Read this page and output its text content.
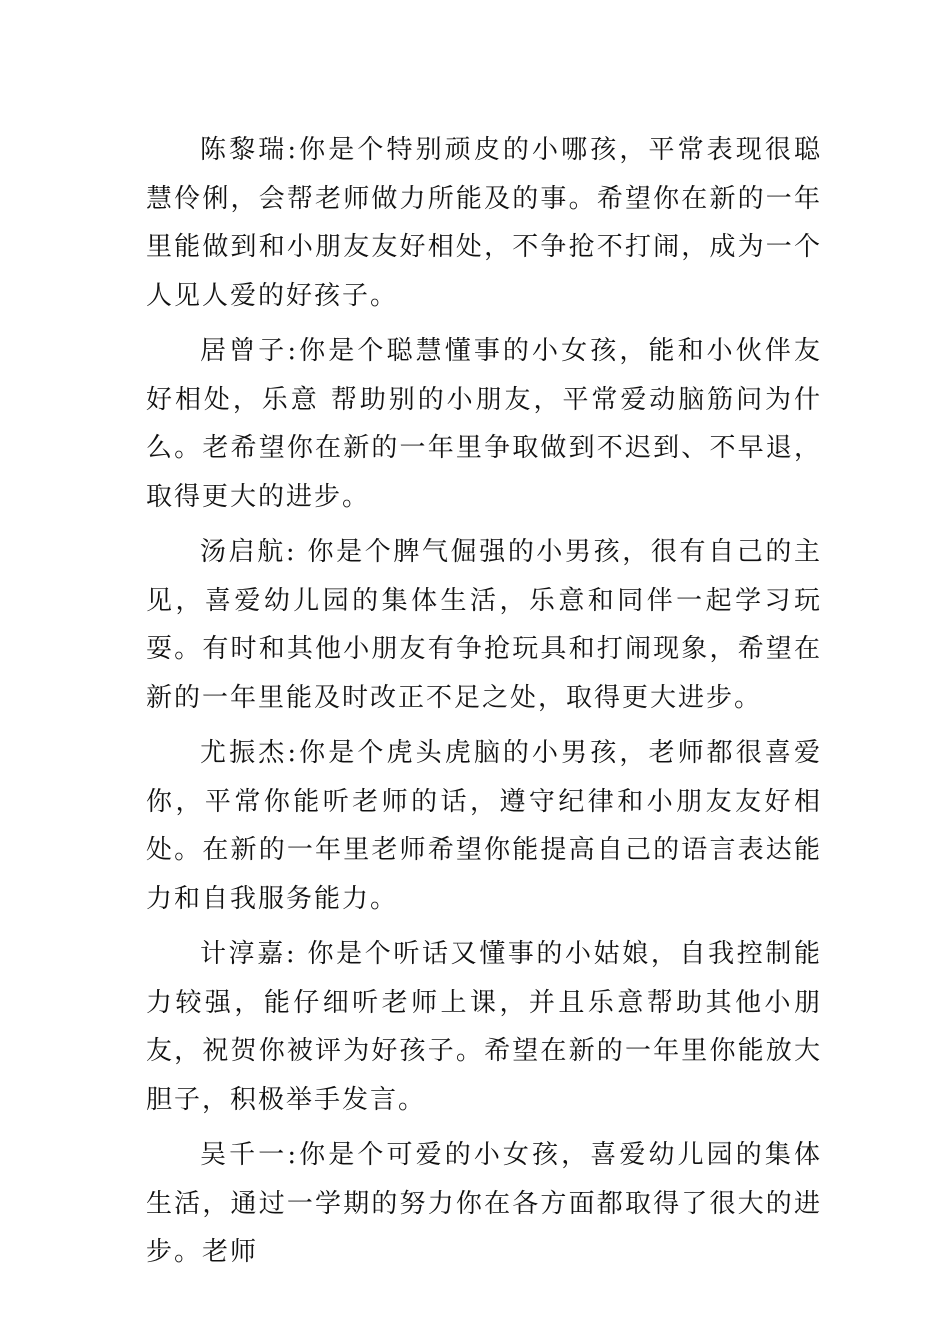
陈黎瑞:你是个特别顽皮的小哪孩，平常表现很聪慧伶俐，会帮老师做力所能及的事。希望你在新的一年里能做到和小朋友友好相处，不争抢不打闹，成为一个人见人爱的好孩子。

居曾子:你是个聪慧懂事的小女孩，能和小伙伴友好相处，乐意 帮助别的小朋友，平常爱动脑筋问为什么。老希望你在新的一年里争取做到不迟到、不早退，取得更大的进步。

汤启航: 你是个脾气倔强的小男孩，很有自己的主见，喜爱幼儿园的集体生活，乐意和同伴一起学习玩耍。有时和其他小朋友有争抢玩具和打闹现象，希望在新的一年里能及时改正不足之处，取得更大进步。

尤振杰:你是个虎头虎脑的小男孩，老师都很喜爱你，平常你能听老师的话，遵守纪律和小朋友友好相处。在新的一年里老师希望你能提高自己的语言表达能力和自我服务能力。

计淳嘉: 你是个听话又懂事的小姑娘，自我控制能力较强，能仔细听老师上课，并且乐意帮助其他小朋友，祝贺你被评为好孩子。希望在新的一年里你能放大胆子，积极举手发言。

吴千一:你是个可爱的小女孩，喜爱幼儿园的集体生活，通过一学期的努力你在各方面都取得了很大的进步。老师
